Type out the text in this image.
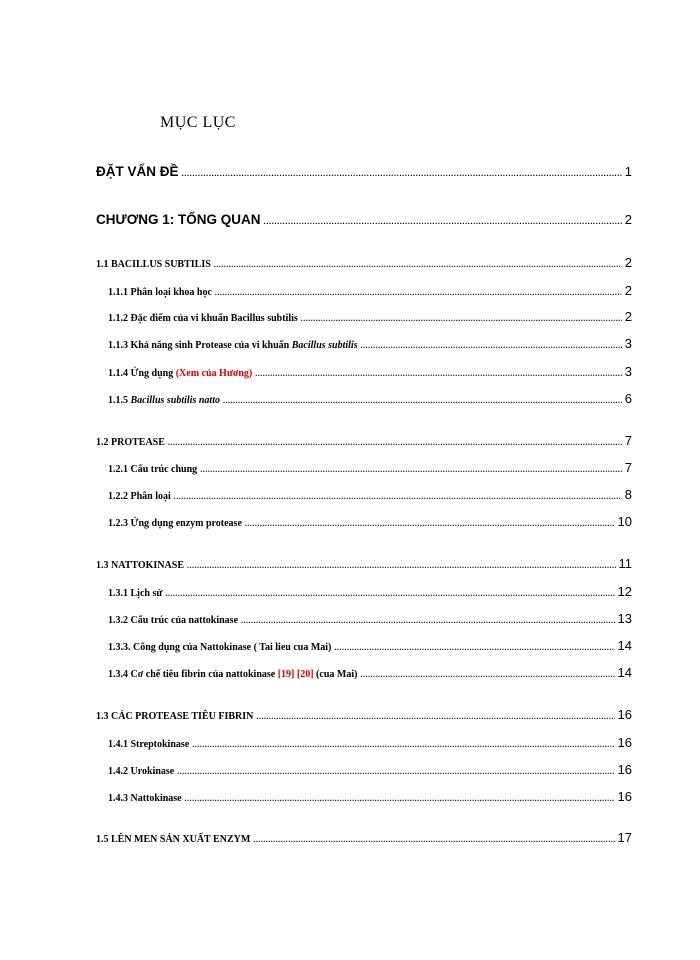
MỤC LỤC
ĐẶT VẤN ĐỀ .....	1
CHƯƠNG 1: TỔNG QUAN .....	2
1.1 BACILLUS SUBTILIS .....	2
1.1.1 Phân loại khoa học .....	2
1.1.2 Đặc điểm của vi khuẩn Bacillus subtilis .....	2
1.1.3 Khả năng sinh Protease của vi khuẩn Bacillus subtilis .....	3
1.1.4 Ứng dụng (Xem của Hương) .....	3
1.1.5 Bacillus subtilis natto .....	6
1.2 PROTEASE .....	7
1.2.1 Cấu trúc chung .....	7
1.2.2 Phân loại .....	8
1.2.3 Ứng dụng enzym protease .....	10
1.3 NATTOKINASE .....	11
1.3.1 Lịch sử .....	12
1.3.2 Cấu trúc của nattokinase .....	13
1.3.3. Công dụng của Nattokinase ( Tai lieu cua Mai) .....	14
1.3.4 Cơ chế tiêu fibrin của nattokinase [19] [20] (cua Mai) .....	14
1.3 CÁC PROTEASE TIÊU FIBRIN .....	16
1.4.1 Streptokinase .....	16
1.4.2 Urokinase .....	16
1.4.3 Nattokinase .....	16
1.5 LÊN MEN SẢN XUẤT ENZYM .....	17
